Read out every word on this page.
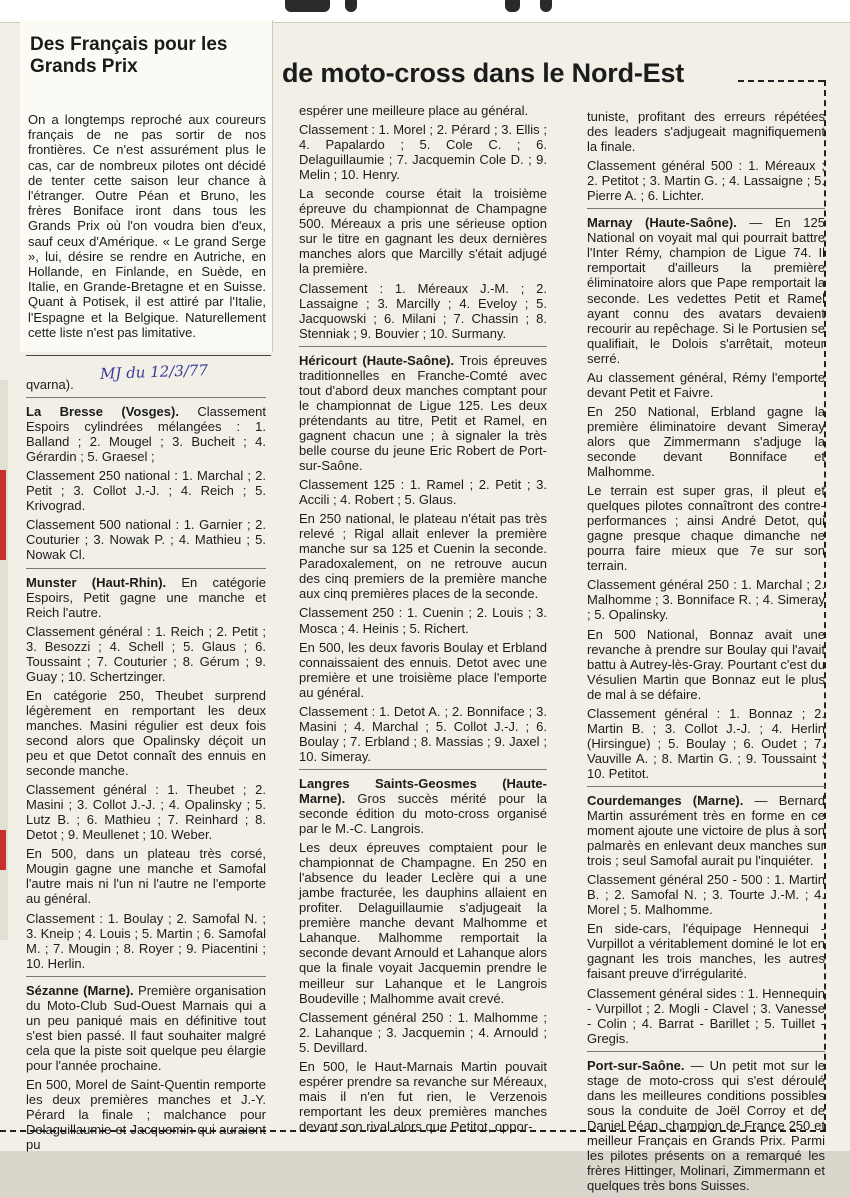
Des Français pour les Grands Prix
On a longtemps reproché aux coureurs français de ne pas sortir de nos frontières. Ce n'est assurément plus le cas, car de nombreux pilotes ont décidé de tenter cette saison leur chance à l'étranger. Outre Péan et Bruno, les frères Boniface iront dans tous les Grands Prix où l'on voudra bien d'eux, sauf ceux d'Amérique. « Le grand Serge », lui, désire se rendre en Autriche, en Hollande, en Finlande, en Suède, en Italie, en Grande-Bretagne et en Suisse. Quant à Potisek, il est attiré par l'Italie, l'Espagne et la Belgique. Naturellement cette liste n'est pas limitative.
de moto-cross dans le Nord-Est
MJ du 12/3/77

qvarna).

La Bresse (Vosges). Classement Espoirs cylindrées mélangées : 1. Balland ; 2. Mougel ; 3. Bucheit ; 4. Gérardin ; 5. Graesel ;

Classement 250 national : 1. Marchal ; 2. Petit ; 3. Collot J.-J. ; 4. Reich ; 5. Krivograd.

Classement 500 national : 1. Garnier ; 2. Couturier ; 3. Nowak P. ; 4. Mathieu ; 5. Nowak Cl.

Munster (Haut-Rhin). En catégorie Espoirs, Petit gagne une manche et Reich l'autre.

Classement général : 1. Reich ; 2. Petit ; 3. Besozzi ; 4. Schell ; 5. Glaus ; 6. Toussaint ; 7. Couturier ; 8. Gérum ; 9. Guay ; 10. Schertzinger.

En catégorie 250, Theubet surprend légèrement en remportant les deux manches. Masini régulier est deux fois second alors que Opalinsky déçoit un peu et que Detot connaît des ennuis en seconde manche.

Classement général : 1. Theubet ; 2. Masini ; 3. Collot J.-J. ; 4. Opalinsky ; 5. Lutz B. ; 6. Mathieu ; 7. Reinhard ; 8. Detot ; 9. Meullenet ; 10. Weber.

En 500, dans un plateau très corsé, Mougin gagne une manche et Samofal l'autre mais ni l'un ni l'autre ne l'emporte au général.

Classement : 1. Boulay ; 2. Samofal N. ; 3. Kneip ; 4. Louis ; 5. Martin ; 6. Samofal M. ; 7. Mougin ; 8. Royer ; 9. Piacentini ; 10. Herlin.

Sézanne (Marne). Première organisation du Moto-Club Sud-Ouest Marnais qui a un peu paniqué mais en définitive tout s'est bien passé. Il faut souhaiter malgré cela que la piste soit quelque peu élargie pour l'année prochaine.

En 500, Morel de Saint-Quentin remporte les deux premières manches et J.-Y. Pérard la finale ; malchance pour Delaguillaumie et Jacquemin qui auraient pu

espérer une meilleure place au général.

Classement : 1. Morel ; 2. Pérard ; 3. Ellis ; 4. Papalardo ; 5. Cole C. ; 6. Delaguillaumie ; 7. Jacquemin Cole D. ; 9. Melin ; 10. Henry.

La seconde course était la troisième épreuve du championnat de Champagne 500. Méreaux a pris une sérieuse option sur le titre en gagnant les deux dernières manches alors que Marcilly s'était adjugé la première.

Classement : 1. Méreaux J.-M. ; 2. Lassaigne ; 3. Marcilly ; 4. Eveloy ; 5. Jacquowski ; 6. Milani ; 7. Chassin ; 8. Stenniak ; 9. Bouvier ; 10. Surmany.

Héricourt (Haute-Saône). Trois épreuves traditionnelles en Franche-Comté avec tout d'abord deux manches comptant pour le championnat de Ligue 125. Les deux prétendants au titre, Petit et Ramel, en gagnent chacun une ; à signaler la très belle course du jeune Eric Robert de Port-sur-Saône.

Classement 125 : 1. Ramel ; 2. Petit ; 3. Accili ; 4. Robert ; 5. Glaus.

En 250 national, le plateau n'était pas très relevé ; Rigal allait enlever la première manche sur sa 125 et Cuenin la seconde. Paradoxalement, on ne retrouve aucun des cinq premiers de la première manche aux cinq premières places de la seconde.

Classement 250 : 1. Cuenin ; 2. Louis ; 3. Mosca ; 4. Heinis ; 5. Richert.

En 500, les deux favoris Boulay et Erbland connaissaient des ennuis. Detot avec une première et une troisième place l'emporte au général.

Classement : 1. Detot A. ; 2. Bonniface ; 3. Masini ; 4. Marchal ; 5. Collot J.-J. ; 6. Boulay ; 7. Erbland ; 8. Massias ; 9. Jaxel ; 10. Simeray.

Langres Saints-Geosmes (Haute-Marne). Gros succès mérité pour la seconde édition du moto-cross organisé par le M.-C. Langrois.

Les deux épreuves comptaient pour le championnat de Champagne. En 250 en l'absence du leader Leclère qui a une jambe fracturée, les dauphins allaient en profiter. Delaguillaumie s'adjugeait la première manche devant Malhomme et Lahanque. Malhomme remportait la seconde devant Arnould et Lahanque alors que la finale voyait Jacquemin prendre le meilleur sur Lahanque et le Langrois Boudeville ; Malhomme avait crevé.

Classement général 250 : 1. Malhomme ; 2. Lahanque ; 3. Jacquemin ; 4. Arnould ; 5. Devillard.

En 500, le Haut-Marnais Martin pouvait espérer prendre sa revanche sur Méreaux, mais il n'en fut rien, le Verzenois remportant les deux premières manches devant son rival alors que Petitot, oppor-

tuniste, profitant des erreurs répétées des leaders s'adjugeait magnifiquement la finale.

Classement général 500 : 1. Méreaux ; 2. Petitot ; 3. Martin G. ; 4. Lassaigne ; 5. Pierre A. ; 6. Lichter.

Marnay (Haute-Saône). — En 125 National on voyait mal qui pourrait battre l'Inter Rémy, champion de Ligue 74. Il remportait d'ailleurs la première éliminatoire alors que Pape remportait la seconde. Les vedettes Petit et Ramel ayant connu des avatars devaient recourir au repêchage. Si le Portusien se qualifiait, le Dolois s'arrêtait, moteur serré.

Au classement général, Rémy l'emporte devant Petit et Faivre.

En 250 National, Erbland gagne la première éliminatoire devant Simeray alors que Zimmermann s'adjuge la seconde devant Bonniface et Malhomme.

Le terrain est super gras, il pleut et quelques pilotes connaîtront des contre-performances ; ainsi André Detot, qui gagne presque chaque dimanche ne pourra faire mieux que 7e sur son terrain.

Classement général 250 : 1. Marchal ; 2. Malhomme ; 3. Bonniface R. ; 4. Simeray ; 5. Opalinsky.

En 500 National, Bonnaz avait une revanche à prendre sur Boulay qui l'avait battu à Autrey-lès-Gray. Pourtant c'est du Vésulien Martin que Bonnaz eut le plus de mal à se défaire.

Classement général : 1. Bonnaz ; 2. Martin B. ; 3. Collot J.-J. ; 4. Herlin (Hirsingue) ; 5. Boulay ; 6. Oudet ; 7. Vauville A. ; 8. Martin G. ; 9. Toussaint ; 10. Petitot.

Courdemanges (Marne). — Bernard Martin assurément très en forme en ce moment ajoute une victoire de plus à son palmarès en enlevant deux manches sur trois ; seul Samofal aurait pu l'inquiéter.

Classement général 250 - 500 : 1. Martin B. ; 2. Samofal N. ; 3. Tourte J.-M. ; 4. Morel ; 5. Malhomme.

En side-cars, l'équipage Hennequi - Vurpillot a véritablement dominé le lot en gagnant les trois manches, les autres faisant preuve d'irrégularité.

Classement général sides : 1. Hennequin - Vurpillot ; 2. Mogli - Clavel ; 3. Vanesse - Colin ; 4. Barrat - Barillet ; 5. Tuillet - Gregis.

Port-sur-Saône. — Un petit mot sur le stage de moto-cross qui s'est déroulé dans les meilleures conditions possibles sous la conduite de Joël Corroy et de Daniel Péan, champion de France 250 et meilleur Français en Grands Prix. Parmi les pilotes présents on a remarqué les frères Hittinger, Molinari, Zimmermann et quelques très bons Suisses.
